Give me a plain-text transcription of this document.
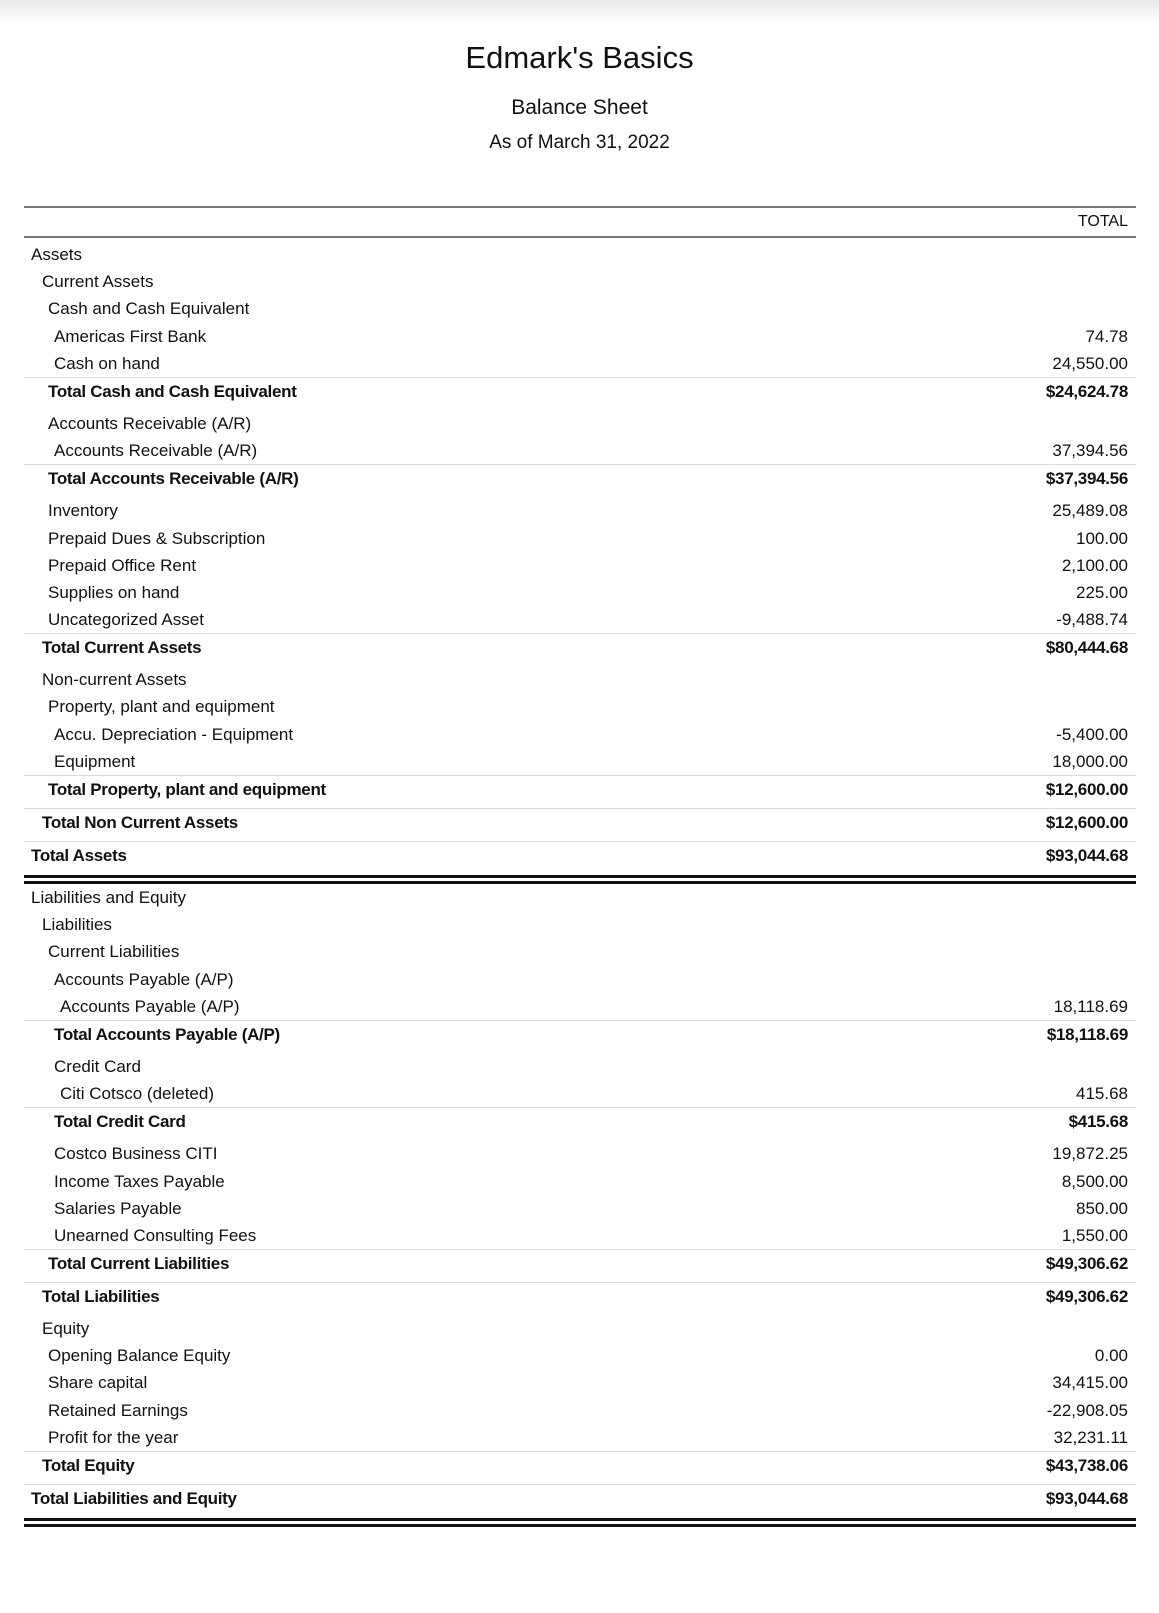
Edmark's Basics
Balance Sheet
As of March 31, 2022
TOTAL
Assets
Current Assets
Cash and Cash Equivalent
Americas First Bank	74.78
Cash on hand	24,550.00
Total Cash and Cash Equivalent	$24,624.78
Accounts Receivable (A/R)
Accounts Receivable (A/R)	37,394.56
Total Accounts Receivable (A/R)	$37,394.56
Inventory	25,489.08
Prepaid Dues & Subscription	100.00
Prepaid Office Rent	2,100.00
Supplies on hand	225.00
Uncategorized Asset	-9,488.74
Total Current Assets	$80,444.68
Non-current Assets
Property, plant and equipment
Accu. Depreciation - Equipment	-5,400.00
Equipment	18,000.00
Total Property, plant and equipment	$12,600.00
Total Non Current Assets	$12,600.00
Total Assets	$93,044.68
Liabilities and Equity
Liabilities
Current Liabilities
Accounts Payable (A/P)
Accounts Payable (A/P)	18,118.69
Total Accounts Payable (A/P)	$18,118.69
Credit Card
Citi Cotsco (deleted)	415.68
Total Credit Card	$415.68
Costco Business CITI	19,872.25
Income Taxes Payable	8,500.00
Salaries Payable	850.00
Unearned Consulting Fees	1,550.00
Total Current Liabilities	$49,306.62
Total Liabilities	$49,306.62
Equity
Opening Balance Equity	0.00
Share capital	34,415.00
Retained Earnings	-22,908.05
Profit for the year	32,231.11
Total Equity	$43,738.06
Total Liabilities and Equity	$93,044.68
